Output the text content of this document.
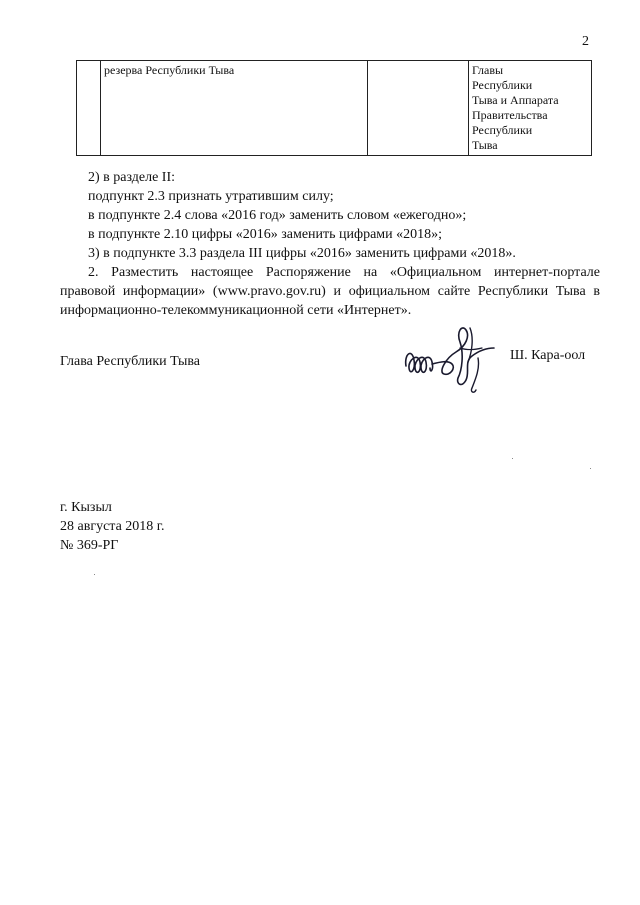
2
	резерва Республики Тыва		Главы
Республики
Тыва и Аппарата
Правительства
Республики
Тыва

2) в разделе II:

подпункт 2.3 признать утратившим силу;

в подпункте 2.4 слова «2016 год» заменить словом «ежегодно»;

в подпункте 2.10 цифры «2016» заменить цифрами «2018»;

3) в подпункте 3.3 раздела III цифры «2016» заменить цифрами «2018».

2. Разместить настоящее Распоряжение на «Официальном интернет-портале правовой информации» (www.pravo.gov.ru) и официальном сайте Республики Тыва в информационно-телекоммуникационной сети «Интернет».

Глава Республики Тыва	Ш. Кара-оол
г. Кызыл
28 августа 2018 г.
№ 369-РГ
